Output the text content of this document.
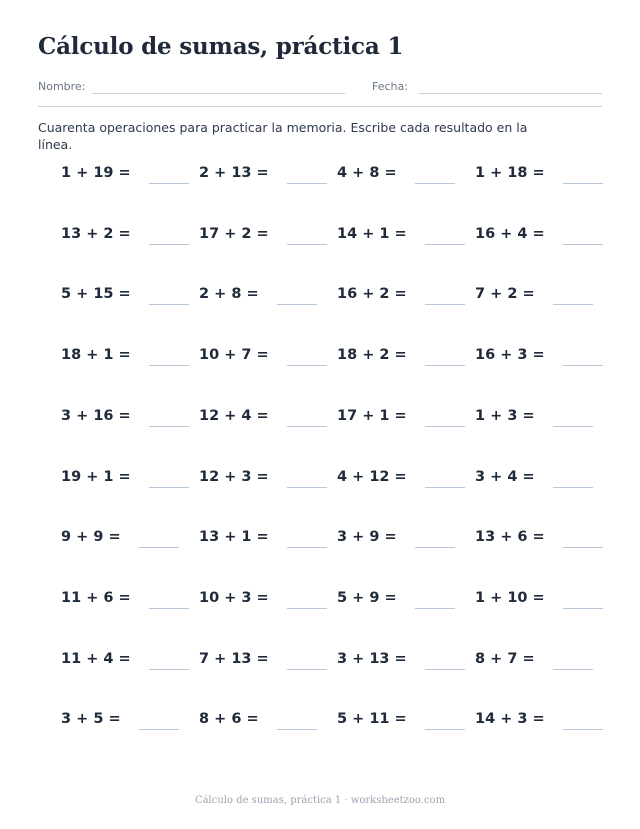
Cálculo de sumas, práctica 1
Nombre:	Fecha:
Cuarenta operaciones para practicar la memoria. Escribe cada resultado en la línea.
1 + 19 =	2 + 13 =	4 + 8 =	1 + 18 =
13 + 2 =	17 + 2 =	14 + 1 =	16 + 4 =
5 + 15 =	2 + 8 =	16 + 2 =	7 + 2 =
18 + 1 =	10 + 7 =	18 + 2 =	16 + 3 =
3 + 16 =	12 + 4 =	17 + 1 =	1 + 3 =
19 + 1 =	12 + 3 =	4 + 12 =	3 + 4 =
9 + 9 =	13 + 1 =	3 + 9 =	13 + 6 =
11 + 6 =	10 + 3 =	5 + 9 =	1 + 10 =
11 + 4 =	7 + 13 =	3 + 13 =	8 + 7 =
3 + 5 =	8 + 6 =	5 + 11 =	14 + 3 =
Cálculo de sumas, práctica 1 · worksheetzoo.com
